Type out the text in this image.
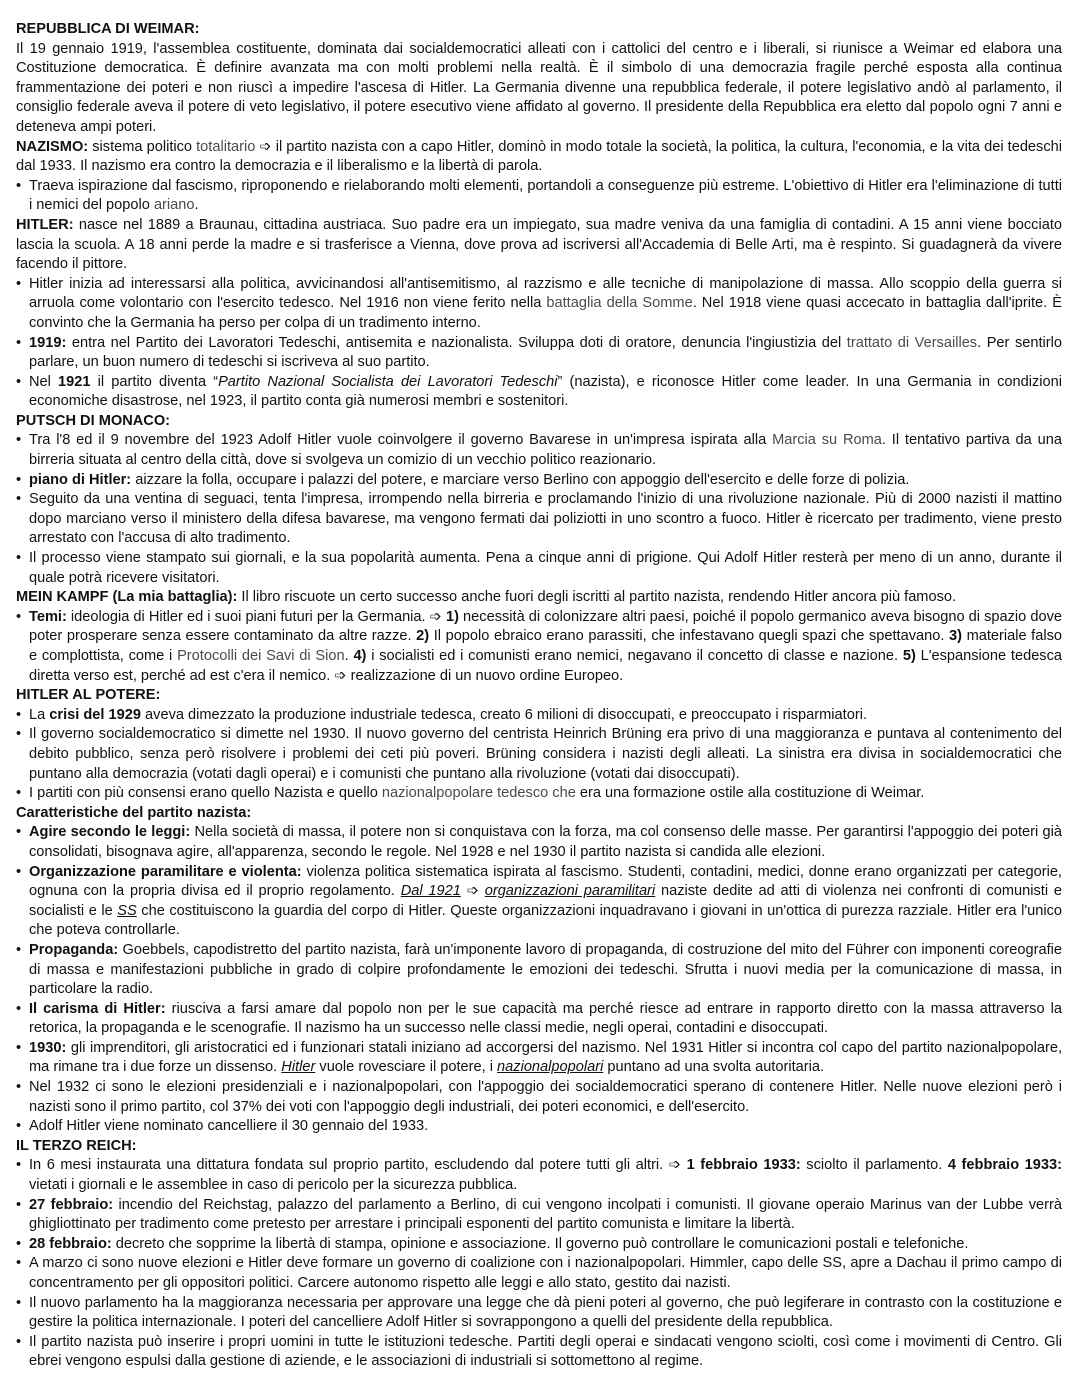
REPUBBLICA DI WEIMAR:

Il 19 gennaio 1919, l'assemblea costituente, dominata dai socialdemocratici alleati con i cattolici del centro e i liberali, si riunisce a Weimar ed elabora una Costituzione democratica. È definire avanzata ma con molti problemi nella realtà. È il simbolo di una democrazia fragile perché esposta alla continua frammentazione dei poteri e non riuscì a impedire l'ascesa di Hitler. La Germania divenne una repubblica federale, il potere legislativo andò al parlamento, il consiglio federale aveva il potere di veto legislativo, il potere esecutivo viene affidato al governo. Il presidente della Repubblica era eletto dal popolo ogni 7 anni e deteneva ampi poteri.

NAZISMO: sistema politico totalitario ➩ il partito nazista con a capo Hitler, dominò in modo totale la società, la politica, la cultura, l'economia, e la vita dei tedeschi dal 1933. Il nazismo era contro la democrazia e il liberalismo e la libertà di parola.

• Traeva ispirazione dal fascismo, riproponendo e rielaborando molti elementi, portandoli a conseguenze più estreme. L'obiettivo di Hitler era l'eliminazione di tutti i nemici del popolo ariano.

HITLER: nasce nel 1889 a Braunau, cittadina austriaca. Suo padre era un impiegato, sua madre veniva da una famiglia di contadini. A 15 anni viene bocciato lascia la scuola. A 18 anni perde la madre e si trasferisce a Vienna, dove prova ad iscriversi all'Accademia di Belle Arti, ma è respinto. Si guadagnerà da vivere facendo il pittore.

• Hitler inizia ad interessarsi alla politica, avvicinandosi all'antisemitismo, al razzismo e alle tecniche di manipolazione di massa. Allo scoppio della guerra si arruola come volontario con l'esercito tedesco. Nel 1916 non viene ferito nella battaglia della Somme. Nel 1918 viene quasi accecato in battaglia dall'iprite. È convinto che la Germania ha perso per colpa di un tradimento interno.
• 1919: entra nel Partito dei Lavoratori Tedeschi, antisemita e nazionalista. Sviluppa doti di oratore, denuncia l'ingiustizia del trattato di Versailles. Per sentirlo parlare, un buon numero di tedeschi si iscriveva al suo partito.
• Nel 1921 il partito diventa “Partito Nazional Socialista dei Lavoratori Tedeschi” (nazista), e riconosce Hitler come leader. In una Germania in condizioni economiche disastrose, nel 1923, il partito conta già numerosi membri e sostenitori.
PUTSCH DI MONACO:
• Tra l'8 ed il 9 novembre del 1923 Adolf Hitler vuole coinvolgere il governo Bavarese in un'impresa ispirata alla Marcia su Roma. Il tentativo partiva da una birreria situata al centro della città, dove si svolgeva un comizio di un vecchio politico reazionario.
• piano di Hitler: aizzare la folla, occupare i palazzi del potere, e marciare verso Berlino con appoggio dell'esercito e delle forze di polizia.
• Seguito da una ventina di seguaci, tenta l'impresa, irrompendo nella birreria e proclamando l'inizio di una rivoluzione nazionale. Più di 2000 nazisti il mattino dopo marciano verso il ministero della difesa bavarese, ma vengono fermati dai poliziotti in uno scontro a fuoco. Hitler è ricercato per tradimento, viene presto arrestato con l'accusa di alto tradimento.
• Il processo viene stampato sui giornali, e la sua popolarità aumenta. Pena a cinque anni di prigione. Qui Adolf Hitler resterà per meno di un anno, durante il quale potrà ricevere visitatori.

MEIN KAMPF (La mia battaglia): Il libro riscuote un certo successo anche fuori degli iscritti al partito nazista, rendendo Hitler ancora più famoso.

• Temi: ideologia di Hitler ed i suoi piani futuri per la Germania. ➩ 1) necessità di colonizzare altri paesi, poiché il popolo germanico aveva bisogno di spazio dove poter prosperare senza essere contaminato da altre razze. 2) Il popolo ebraico erano parassiti, che infestavano quegli spazi che spettavano. 3) materiale falso e complottista, come i Protocolli dei Savi di Sion. 4) i socialisti ed i comunisti erano nemici, negavano il concetto di classe e nazione. 5) L'espansione tedesca diretta verso est, perché ad est c'era il nemico. ➩ realizzazione di un nuovo ordine Europeo.
HITLER AL POTERE:
• La crisi del 1929 aveva dimezzato la produzione industriale tedesca, creato 6 milioni di disoccupati, e preoccupato i risparmiatori.
• Il governo socialdemocratico si dimette nel 1930. Il nuovo governo del centrista Heinrich Brüning era privo di una maggioranza e puntava al contenimento del debito pubblico, senza però risolvere i problemi dei ceti più poveri. Brüning considera i nazisti degli alleati. La sinistra era divisa in socialdemocratici che puntano alla democrazia (votati dagli operai) e i comunisti che puntano alla rivoluzione (votati dai disoccupati).
• I partiti con più consensi erano quello Nazista e quello nazionalpopolare tedesco che era una formazione ostile alla costituzione di Weimar.
Caratteristiche del partito nazista:
• Agire secondo le leggi: Nella società di massa, il potere non si conquistava con la forza, ma col consenso delle masse. Per garantirsi l'appoggio dei poteri già consolidati, bisognava agire, all'apparenza, secondo le regole. Nel 1928 e nel 1930 il partito nazista si candida alle elezioni.
• Organizzazione paramilitare e violenta: violenza politica sistematica ispirata al fascismo. Studenti, contadini, medici, donne erano organizzati per categorie, ognuna con la propria divisa ed il proprio regolamento. Dal 1921 ➩ organizzazioni paramilitari naziste dedite ad atti di violenza nei confronti di comunisti e socialisti e le SS che costituiscono la guardia del corpo di Hitler. Queste organizzazioni inquadravano i giovani in un'ottica di purezza razziale. Hitler era l'unico che poteva controllarle.
• Propaganda: Goebbels, capodistretto del partito nazista, farà un'imponente lavoro di propaganda, di costruzione del mito del Führer con imponenti coreografie di massa e manifestazioni pubbliche in grado di colpire profondamente le emozioni dei tedeschi. Sfrutta i nuovi media per la comunicazione di massa, in particolare la radio.
• Il carisma di Hitler: riusciva a farsi amare dal popolo non per le sue capacità ma perché riesce ad entrare in rapporto diretto con la massa attraverso la retorica, la propaganda e le scenografie. Il nazismo ha un successo nelle classi medie, negli operai, contadini e disoccupati.
• 1930: gli imprenditori, gli aristocratici ed i funzionari statali iniziano ad accorgersi del nazismo. Nel 1931 Hitler si incontra col capo del partito nazionalpopolare, ma rimane tra i due forze un dissenso. Hitler vuole rovesciare il potere, i nazionalpopolari puntano ad una svolta autoritaria.
• Nel 1932 ci sono le elezioni presidenziali e i nazionalpopolari, con l'appoggio dei socialdemocratici sperano di contenere Hitler. Nelle nuove elezioni però i nazisti sono il primo partito, col 37% dei voti con l'appoggio degli industriali, dei poteri economici, e dell'esercito.
• Adolf Hitler viene nominato cancelliere il 30 gennaio del 1933.
IL TERZO REICH:
• In 6 mesi instaurata una dittatura fondata sul proprio partito, escludendo dal potere tutti gli altri. ➩ 1 febbraio 1933: sciolto il parlamento. 4 febbraio 1933: vietati i giornali e le assemblee in caso di pericolo per la sicurezza pubblica.
• 27 febbraio: incendio del Reichstag, palazzo del parlamento a Berlino, di cui vengono incolpati i comunisti. Il giovane operaio Marinus van der Lubbe verrà ghigliottinato per tradimento come pretesto per arrestare i principali esponenti del partito comunista e limitare la libertà.
• 28 febbraio: decreto che sopprime la libertà di stampa, opinione e associazione. Il governo può controllare le comunicazioni postali e telefoniche.
• A marzo ci sono nuove elezioni e Hitler deve formare un governo di coalizione con i nazionalpopolari. Himmler, capo delle SS, apre a Dachau il primo campo di concentramento per gli oppositori politici. Carcere autonomo rispetto alle leggi e allo stato, gestito dai nazisti.
• Il nuovo parlamento ha la maggioranza necessaria per approvare una legge che dà pieni poteri al governo, che può legiferare in contrasto con la costituzione e gestire la politica internazionale. I poteri del cancelliere Adolf Hitler si sovrappongono a quelli del presidente della repubblica.
• Il partito nazista può inserire i propri uomini in tutte le istituzioni tedesche. Partiti degli operai e sindacati vengono sciolti, così come i movimenti di Centro. Gli ebrei vengono espulsi dalla gestione di aziende, e le associazioni di industriali si sottomettono al regime.
